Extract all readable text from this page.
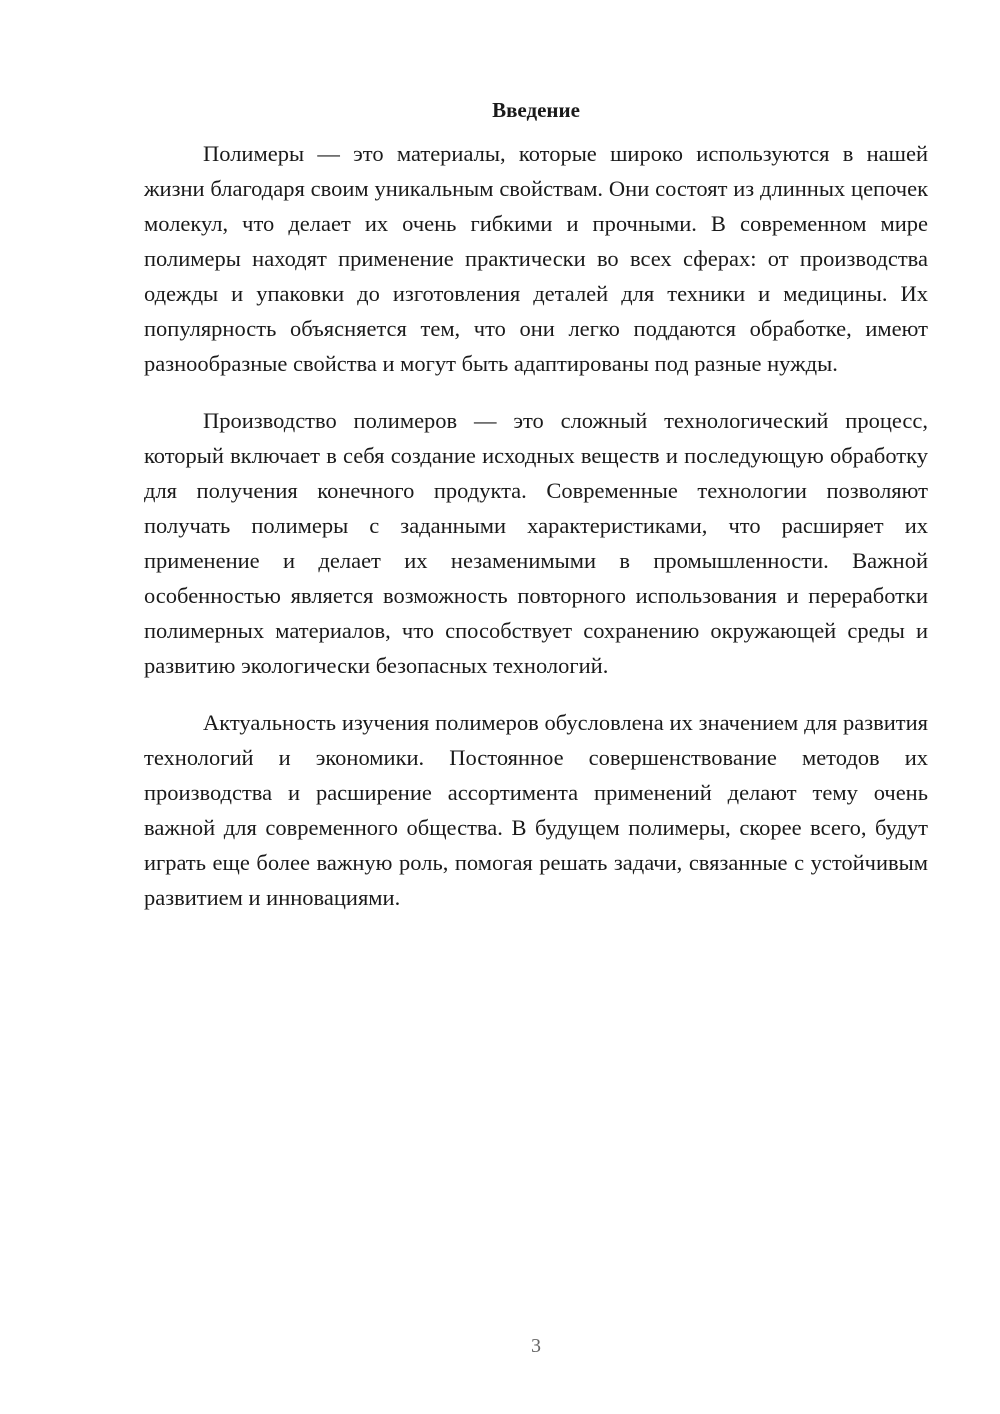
Введение

Полимеры — это материалы, которые широко используются в нашей жизни благодаря своим уникальным свойствам. Они состоят из длинных цепочек молекул, что делает их очень гибкими и прочными. В современном мире полимеры находят применение практически во всех сферах: от производства одежды и упаковки до изготовления деталей для техники и медицины. Их популярность объясняется тем, что они легко поддаются обработке, имеют разнообразные свойства и могут быть адаптированы под разные нужды.

Производство полимеров — это сложный технологический процесс, который включает в себя создание исходных веществ и последующую обработку для получения конечного продукта. Современные технологии позволяют получать полимеры с заданными характеристиками, что расширяет их применение и делает их незаменимыми в промышленности. Важной особенностью является возможность повторного использования и переработки полимерных материалов, что способствует сохранению окружающей среды и развитию экологически безопасных технологий.

Актуальность изучения полимеров обусловлена их значением для развития технологий и экономики. Постоянное совершенствование методов их производства и расширение ассортимента применений делают тему очень важной для современного общества. В будущем полимеры, скорее всего, будут играть еще более важную роль, помогая решать задачи, связанные с устойчивым развитием и инновациями.

3
